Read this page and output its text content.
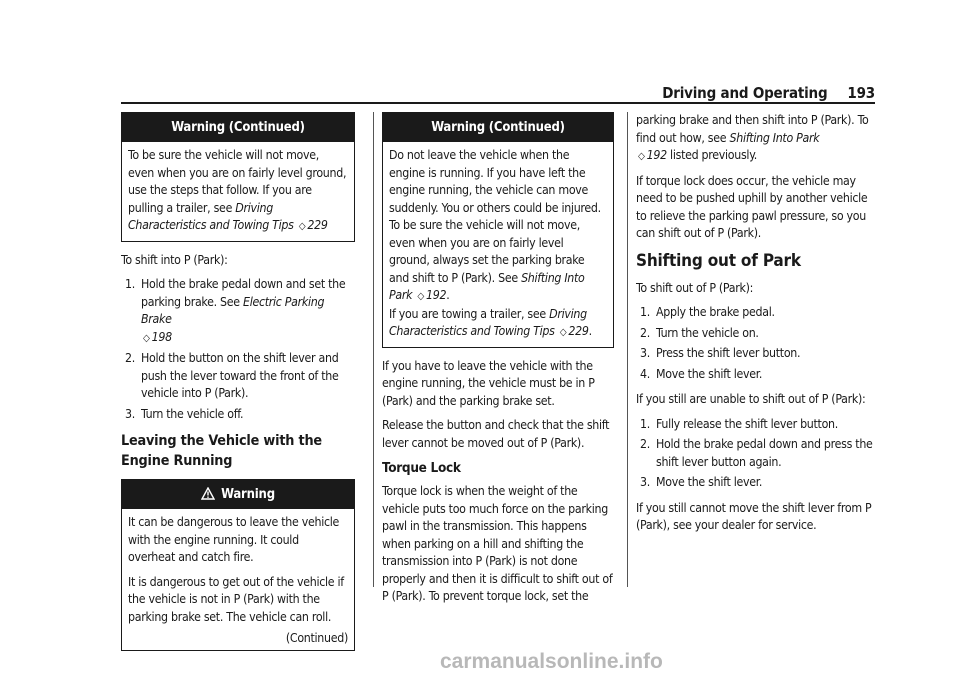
Driving and Operating 193
Warning (Continued)

To be sure the vehicle will not move, even when you are on fairly level ground, use the steps that follow. If you are pulling a trailer, see Driving Characteristics and Towing Tips ◇ 229

To shift into P (Park):

1. Hold the brake pedal down and set the parking brake. See Electric Parking Brake
◇ 198
2. Hold the button on the shift lever and push the lever toward the front of the vehicle into P (Park).
3. Turn the vehicle off.
Leaving the Vehicle with the Engine Running
Warning

It can be dangerous to leave the vehicle with the engine running. It could overheat and catch fire.

It is dangerous to get out of the vehicle if the vehicle is not in P (Park) with the parking brake set. The vehicle can roll.

(Continued)
Warning (Continued)

Do not leave the vehicle when the engine is running. If you have left the engine running, the vehicle can move suddenly. You or others could be injured. To be sure the vehicle will not move, even when you are on fairly level ground, always set the parking brake and shift to P (Park). See Shifting Into Park ◇ 192.
If you are towing a trailer, see Driving Characteristics and Towing Tips ◇ 229.

If you have to leave the vehicle with the engine running, the vehicle must be in P (Park) and the parking brake set.

Release the button and check that the shift lever cannot be moved out of P (Park).

Torque Lock

Torque lock is when the weight of the vehicle puts too much force on the parking pawl in the transmission. This happens when parking on a hill and shifting the transmission into P (Park) is not done properly and then it is difficult to shift out of P (Park). To prevent torque lock, set the

parking brake and then shift into P (Park). To find out how, see Shifting Into Park
◇ 192 listed previously.

If torque lock does occur, the vehicle may need to be pushed uphill by another vehicle to relieve the parking pawl pressure, so you can shift out of P (Park).

Shifting out of Park

To shift out of P (Park):

1. Apply the brake pedal.
2. Turn the vehicle on.
3. Press the shift lever button.
4. Move the shift lever.

If you still are unable to shift out of P (Park):

1. Fully release the shift lever button.
2. Hold the brake pedal down and press the shift lever button again.
3. Move the shift lever.

If you still cannot move the shift lever from P (Park), see your dealer for service.

carmanualsonline.info
